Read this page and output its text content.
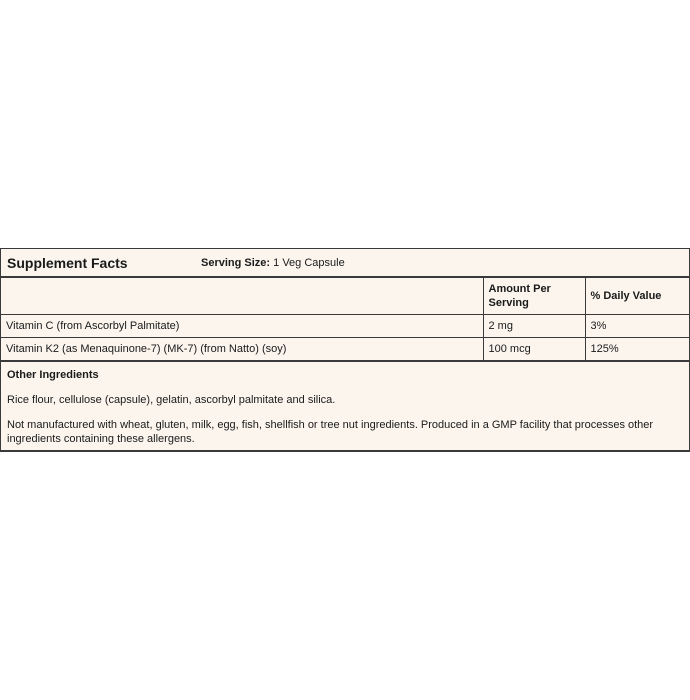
Supplement Facts	Serving Size: 1 Veg Capsule
	Amount Per Serving	% Daily Value
Vitamin C (from Ascorbyl Palmitate)	2 mg	3%
Vitamin K2 (as Menaquinone-7) (MK-7) (from Natto) (soy)	100 mcg	125%
Other Ingredients

Rice flour, cellulose (capsule), gelatin, ascorbyl palmitate and silica.

Not manufactured with wheat, gluten, milk, egg, fish, shellfish or tree nut ingredients. Produced in a GMP facility that processes other ingredients containing these allergens.
